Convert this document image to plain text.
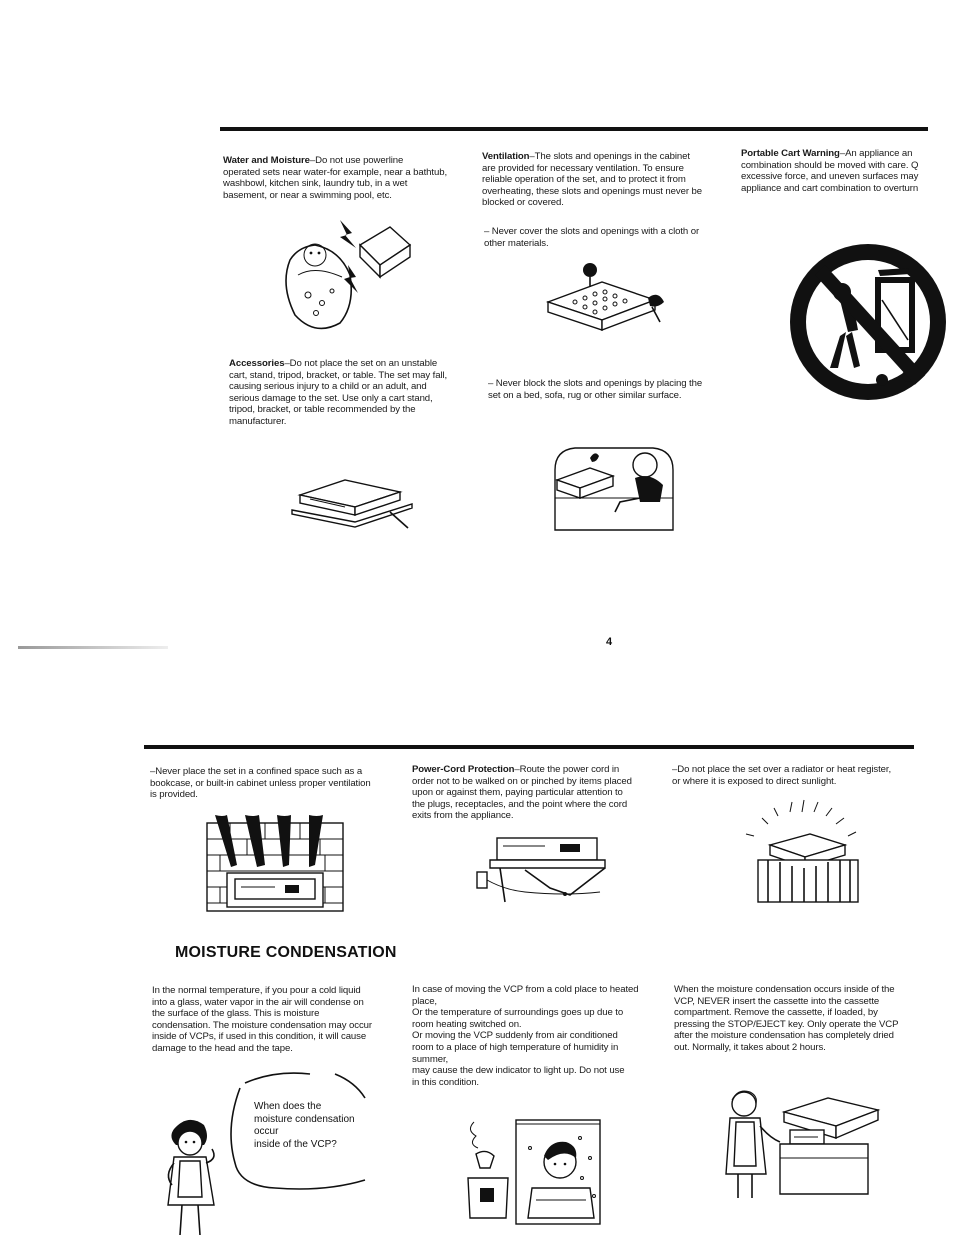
Water and Moisture–Do not use powerline
operated sets near water-for example, near a bathtub,
washbowl, kitchen sink, laundry tub, in a wet
basement, or near a swimming pool, etc.
Accessories–Do not place the set on an unstable
cart, stand, tripod, bracket, or table. The set may fall,
causing serious injury to a child or an adult, and
serious damage to the set. Use only a cart stand,
tripod, bracket, or table recommended by the
manufacturer.
Ventilation–The slots and openings in the cabinet
are provided for necessary ventilation. To ensure
reliable operation of the set, and to protect it from
overheating, these slots and openings must never be
blocked or covered.
– Never cover the slots and openings with a cloth or
other materials.
– Never block the slots and openings by placing the
set on a bed, sofa, rug or other similar surface.
Portable Cart Warning–An appliance an
combination should be moved with care. Q
excessive force, and uneven surfaces may
appliance and cart combination to overturn
4
–Never place the set in a confined space such as a
bookcase, or built-in cabinet unless proper ventilation
is provided.
Power-Cord Protection–Route the power cord in
order not to be walked on or pinched by items placed
upon or against them, paying particular attention to
the plugs, receptacles, and the point where the cord
exits from the appliance.
–Do not place the set over a radiator or heat register,
or where it is exposed to direct sunlight.
MOISTURE CONDENSATION
In the normal temperature, if you pour a cold liquid
into a glass, water vapor in the air will condense on
the surface of the glass. This is moisture
condensation. The moisture condensation may occur
inside of VCPs, if used in this condition, it will cause
damage to the head and the tape.
In case of moving the VCP from a cold place to heated
place,
Or the temperature of surroundings goes up due to
room heating switched on.
Or moving the VCP suddenly from air conditioned
room to a place of high temperature of humidity in
summer,
may cause the dew indicator to light up. Do not use
in this condition.
When the moisture condensation occurs inside of the
VCP, NEVER insert the cassette into the cassette
compartment. Remove the cassette, if loaded, by
pressing the STOP/EJECT key. Only operate the VCP
after the moisture condensation has completely dried
out. Normally, it takes about 2 hours.
When does the
moisture condensation
occur
inside of the VCP?
